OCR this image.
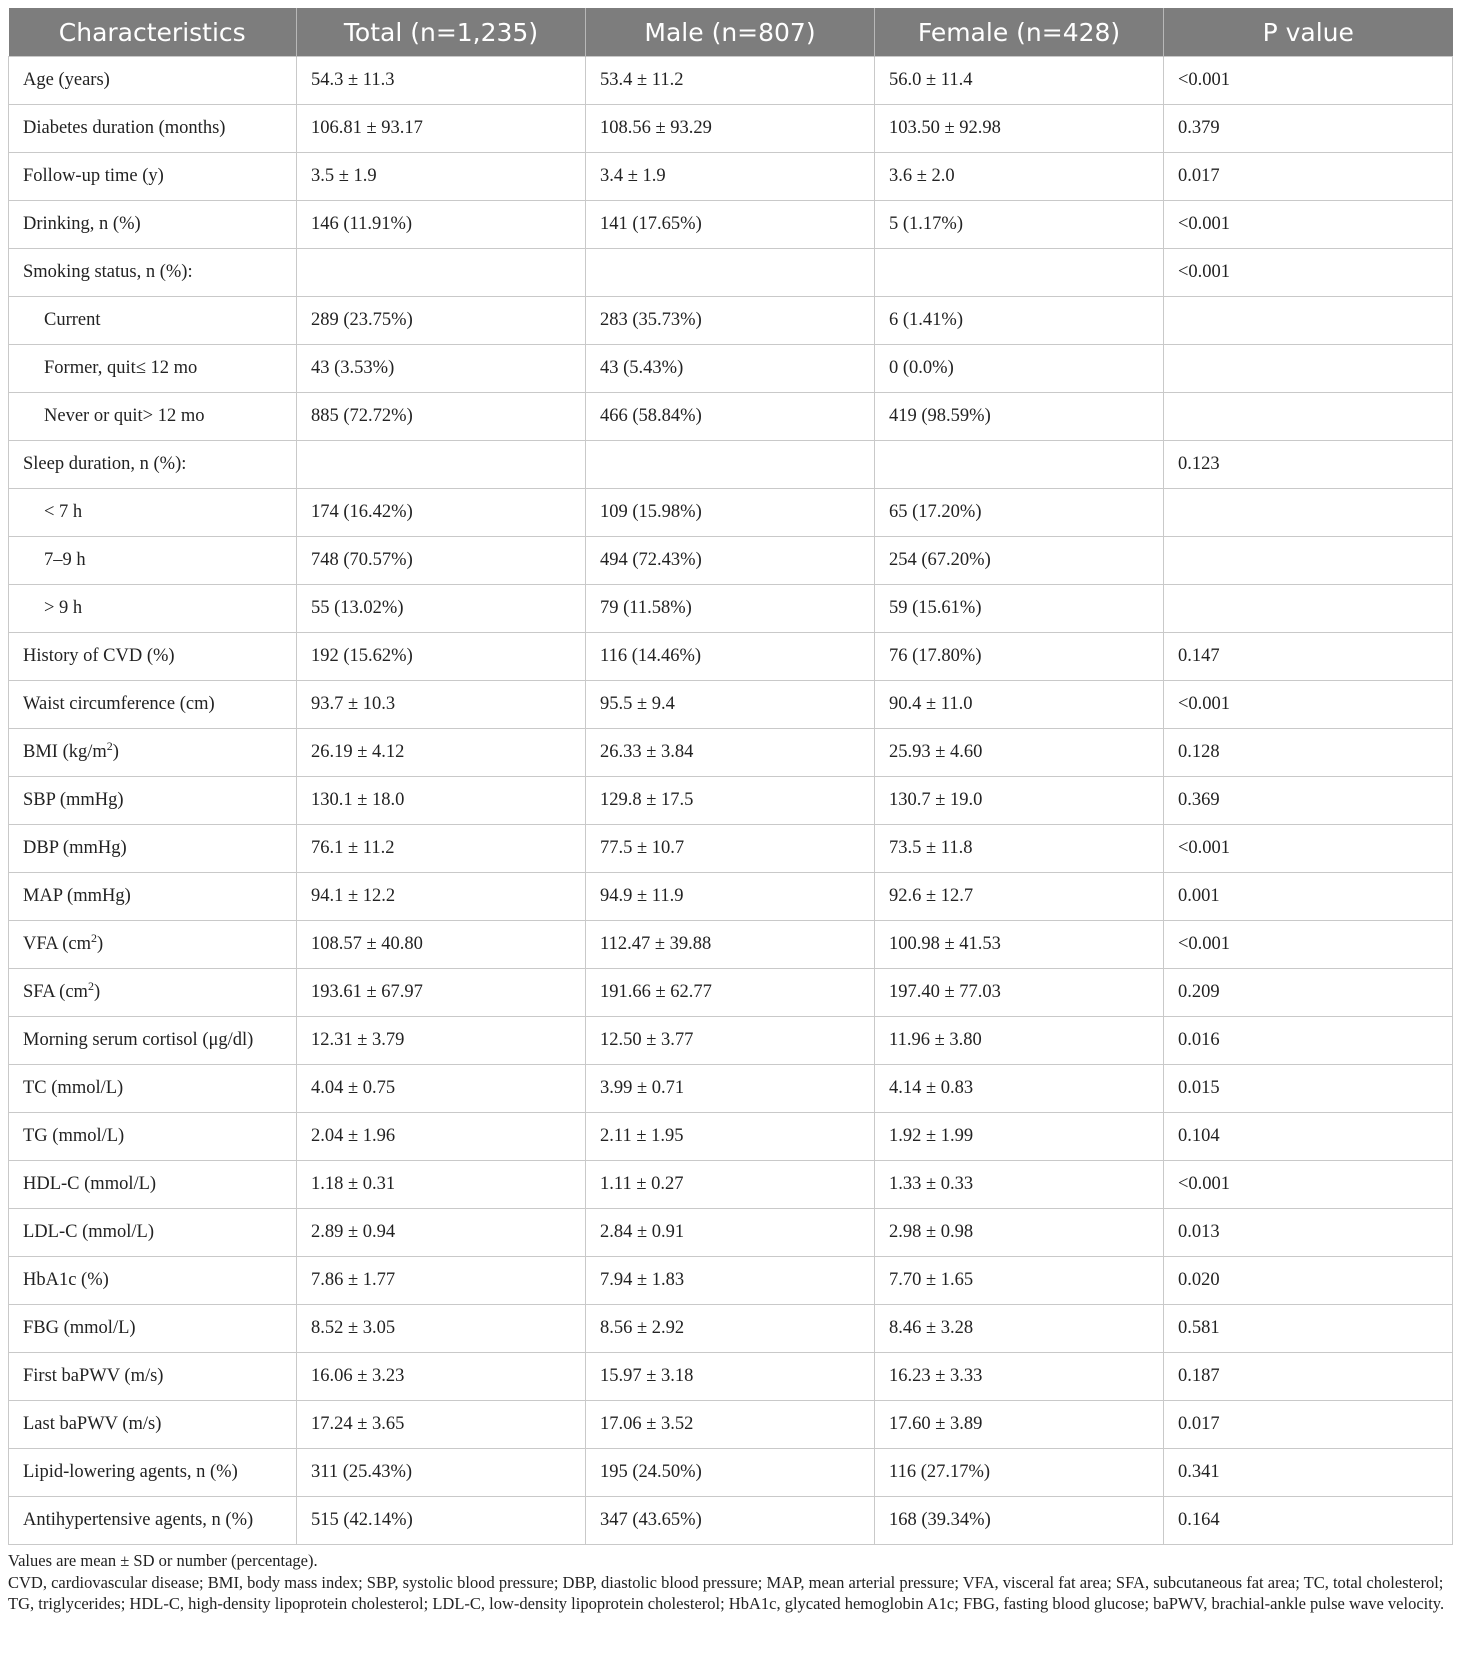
Characteristics	Total (n=1,235)	Male (n=807)	Female (n=428)	P value
Age (years)	54.3 ± 11.3	53.4 ± 11.2	56.0 ± 11.4	<0.001
Diabetes duration (months)	106.81 ± 93.17	108.56 ± 93.29	103.50 ± 92.98	0.379
Follow-up time (y)	3.5 ± 1.9	3.4 ± 1.9	3.6 ± 2.0	0.017
Drinking, n (%)	146 (11.91%)	141 (17.65%)	5 (1.17%)	<0.001
Smoking status, n (%):				<0.001
Current	289 (23.75%)	283 (35.73%)	6 (1.41%)	
Former, quit≤ 12 mo	43 (3.53%)	43 (5.43%)	0 (0.0%)	
Never or quit> 12 mo	885 (72.72%)	466 (58.84%)	419 (98.59%)	
Sleep duration, n (%):				0.123
< 7 h	174 (16.42%)	109 (15.98%)	65 (17.20%)	
7–9 h	748 (70.57%)	494 (72.43%)	254 (67.20%)	
> 9 h	55 (13.02%)	79 (11.58%)	59 (15.61%)	
History of CVD (%)	192 (15.62%)	116 (14.46%)	76 (17.80%)	0.147
Waist circumference (cm)	93.7 ± 10.3	95.5 ± 9.4	90.4 ± 11.0	<0.001
BMI $(kg/m^2)$	26.19 ± 4.12	26.33 ± 3.84	25.93 ± 4.60	0.128
SBP (mmHg)	130.1 ± 18.0	129.8 ± 17.5	130.7 ± 19.0	0.369
DBP (mmHg)	76.1 ± 11.2	77.5 ± 10.7	73.5 ± 11.8	<0.001
MAP (mmHg)	94.1 ± 12.2	94.9 ± 11.9	92.6 ± 12.7	0.001
VFA $(cm^2)$	108.57 ± 40.80	112.47 ± 39.88	100.98 ± 41.53	<0.001
SFA $(cm^2)$	193.61 ± 67.97	191.66 ± 62.77	197.40 ± 77.03	0.209
Morning serum cortisol (μg/dl)	12.31 ± 3.79	12.50 ± 3.77	11.96 ± 3.80	0.016
TC (mmol/L)	4.04 ± 0.75	3.99 ± 0.71	4.14 ± 0.83	0.015
TG (mmol/L)	2.04 ± 1.96	2.11 ± 1.95	1.92 ± 1.99	0.104
HDL-C (mmol/L)	1.18 ± 0.31	1.11 ± 0.27	1.33 ± 0.33	<0.001
LDL-C (mmol/L)	2.89 ± 0.94	2.84 ± 0.91	2.98 ± 0.98	0.013
HbA1c (%)	7.86 ± 1.77	7.94 ± 1.83	7.70 ± 1.65	0.020
FBG (mmol/L)	8.52 ± 3.05	8.56 ± 2.92	8.46 ± 3.28	0.581
First baPWV (m/s)	16.06 ± 3.23	15.97 ± 3.18	16.23 ± 3.33	0.187
Last baPWV (m/s)	17.24 ± 3.65	17.06 ± 3.52	17.60 ± 3.89	0.017
Lipid-lowering agents, n (%)	311 (25.43%)	195 (24.50%)	116 (27.17%)	0.341
Antihypertensive agents, n (%)	515 (42.14%)	347 (43.65%)	168 (39.34%)	0.164

Values are mean ± SD or number (percentage).

CVD, cardiovascular disease; BMI, body mass index; SBP, systolic blood pressure; DBP, diastolic blood pressure; MAP, mean arterial pressure; VFA, visceral fat area; SFA, subcutaneous fat area; TC, total cholesterol; TG, triglycerides; HDL-C, high-density lipoprotein cholesterol; LDL-C, low-density lipoprotein cholesterol; HbA1c, glycated hemoglobin A1c; FBG, fasting blood glucose; baPWV, brachial-ankle pulse wave velocity.
